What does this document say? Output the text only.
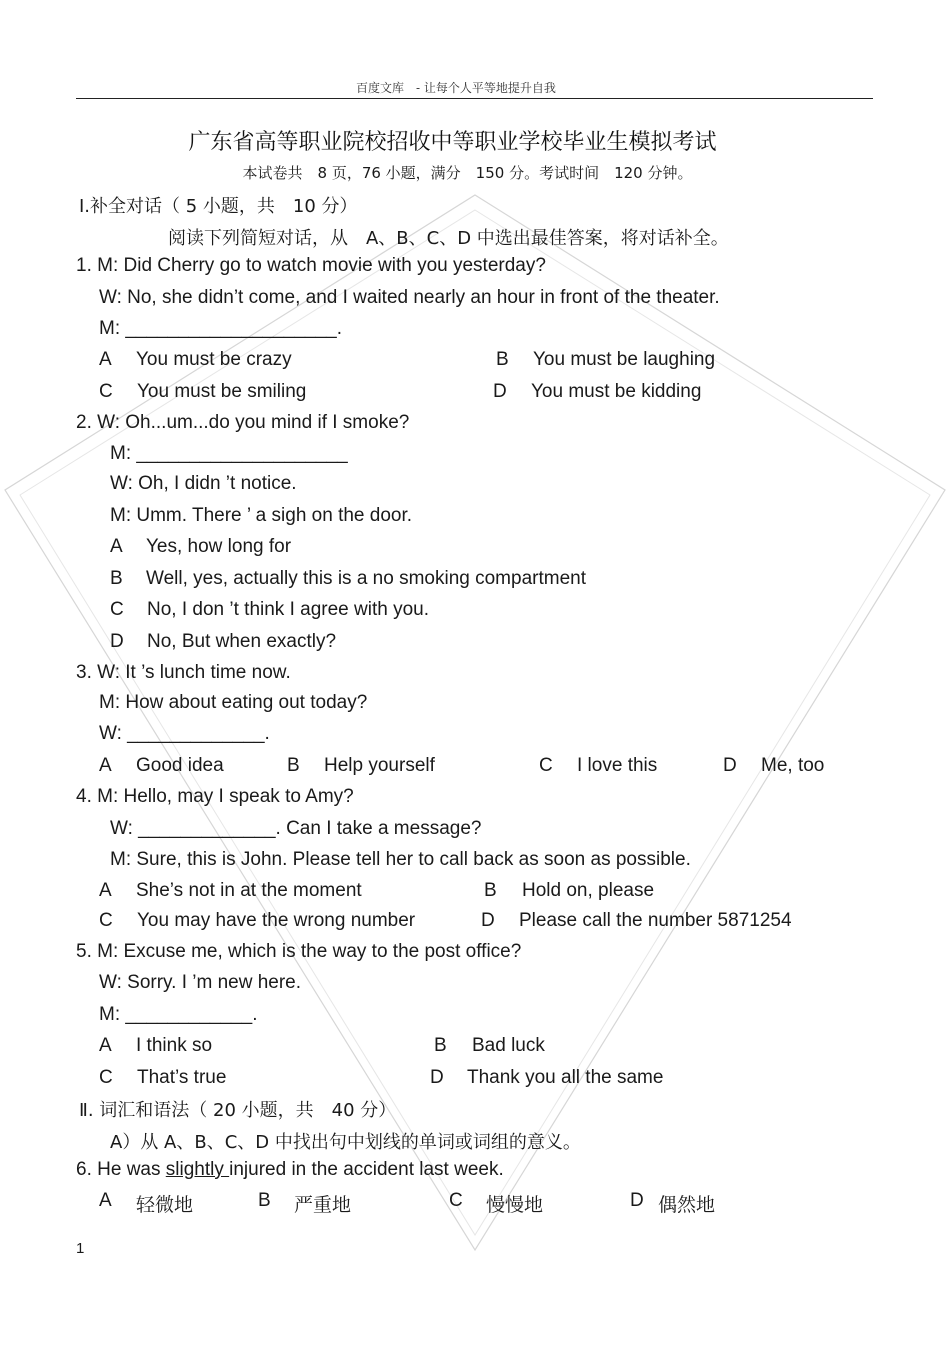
百度文库　- 让每个人平等地提升自我
广东省高等职业院校招收中等职业学校毕业生模拟考试
本试卷共　8 页，76 小题，满分　150 分。考试时间　120 分钟。
Ⅰ.补全对话（ 5 小题，共　10 分）
阅读下列简短对话，从　A、B、C、D 中选出最佳答案，将对话补全。
1. M: Did Cherry go to watch movie with you yesterday?
W: No, she didn’t come, and I waited nearly an hour in front of the theater.
M: ____________________.
A You must be crazy	B You must be laughing
C You must be smiling	D You must be kidding
2. W: Oh...um...do you mind if I smoke?
M: ____________________
W: Oh, I didn ’t notice.
M: Umm. There ’ a sigh on the door.
A Yes, how long for
B Well, yes, actually this is a no smoking compartment
C No, I don ’t think I agree with you.
D No, But when exactly?
3. W: It ’s lunch time now.
M: How about eating out today?
W: _____________.
A Good idea	B Help yourself	C I love this	D Me, too
4. M: Hello, may I speak to Amy?
W: _____________. Can I take a message?
M: Sure, this is John. Please tell her to call back as soon as possible.
A She’s not in at the moment	B Hold on, please
C You may have the wrong number	D Please call the number 5871254
5. M: Excuse me, which is the way to the post office?
W: Sorry. I ’m new here.
M: ____________.
A I think so	B Bad luck
C That’s true	D Thank you all the same
Ⅱ. 词汇和语法（ 20 小题，共　40 分）
A）从 A、B、C、D 中找出句中划线的单词或词组的意义。
6. He was slightly injured in the accident last week.
A 轻微地	B 严重地	C 慢慢地	D 偶然地
1
